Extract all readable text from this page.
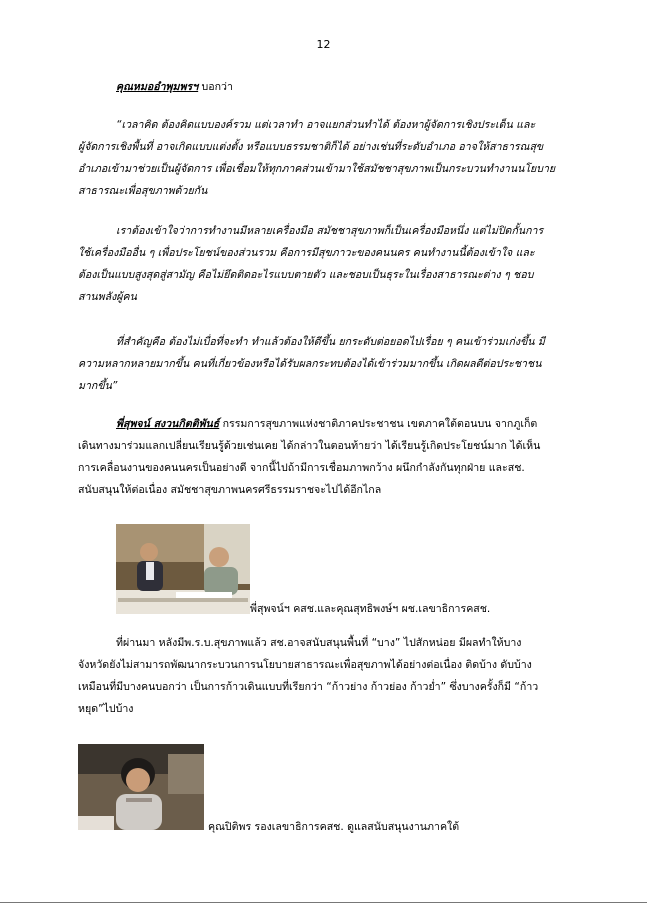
12
คุณหมออำพุมพรฯ บอกว่า
“เวลาคิด ต้องคิดแบบองค์รวม แต่เวลาทำ อาจแยกส่วนทำได้ ต้องหาผู้จัดการเชิงประเด็น และ
ผู้จัดการเชิงพื้นที่ อาจเกิดแบบแต่งตั้ง หรือแบบธรรมชาติก็ได้ อย่างเช่นที่ระดับอำเภอ อาจให้สาธารณสุข
อำเภอเข้ามาช่วยเป็นผู้จัดการ เพื่อเชื่อมให้ทุกภาคส่วนเข้ามาใช้สมัชชาสุขภาพเป็นกระบวนทำงานนโยบาย
สาธารณะเพื่อสุขภาพด้วยกัน
เราต้องเข้าใจว่าการทำงานมีหลายเครื่องมือ สมัชชาสุขภาพก็เป็นเครื่องมือหนึ่ง แต่ไม่ปิดกั้นการ
ใช้เครื่องมืออื่น ๆ เพื่อประโยชน์ของส่วนรวม คือการมีสุขภาวะของคนนคร คนทำงานนี้ต้องเข้าใจ และ
ต้องเป็นแบบสูงสุดสู่สามัญ คือไม่ยึดติดอะไรแบบตายตัว และชอบเป็นธุระในเรื่องสาธารณะต่าง ๆ ชอบ
สานพลังผู้คน
ที่สำคัญคือ ต้องไม่เบื่อที่จะทำ ทำแล้วต้องให้ดีขึ้น ยกระดับต่อยอดไปเรื่อย ๆ คนเข้าร่วมเก่งขึ้น มี
ความหลากหลายมากขึ้น คนที่เกี่ยวข้องหรือได้รับผลกระทบต้องได้เข้าร่วมมากขึ้น เกิดผลดีต่อประชาชน
มากขึ้น”
พี่สุพจน์ สงวนกิตติพันธ์ กรรมการสุขภาพแห่งชาติภาคประชาชน เขตภาคใต้ตอนบน จากภูเก็ต
เดินทางมาร่วมแลกเปลี่ยนเรียนรู้ด้วยเช่นเคย ได้กล่าวในตอนท้ายว่า ได้เรียนรู้เกิดประโยชน์มาก ได้เห็น
การเคลื่อนงานของคนนครเป็นอย่างดี จากนี้ไปถ้ามีการเชื่อมภาพกว้าง ผนึกกำลังกันทุกฝ่าย และสช.
สนับสนุนให้ต่อเนื่อง สมัชชาสุขภาพนครศรีธรรมราชจะไปได้อีกไกล
พี่สุพจน์ฯ คสช.และคุณสุทธิพงษ์ฯ ผช.เลขาธิการคสช.
ที่ผ่านมา หลังมีพ.ร.บ.สุขภาพแล้ว สช.อาจสนับสนุนพื้นที่ “บาง” ไปสักหน่อย มีผลทำให้บาง
จังหวัดยังไม่สามารถพัฒนากระบวนการนโยบายสาธารณะเพื่อสุขภาพได้อย่างต่อเนื่อง ติดบ้าง ดับบ้าง
เหมือนที่มีบางคนบอกว่า เป็นการก้าวเดินแบบที่เรียกว่า “ก้าวย่าง ก้าวย่อง ก้าวย่ำ” ซึ่งบางครั้งก็มี “ก้าว
หยุด”ไปบ้าง
คุณปิติพร รองเลขาธิการคสช. ดูแลสนับสนุนงานภาคใต้
